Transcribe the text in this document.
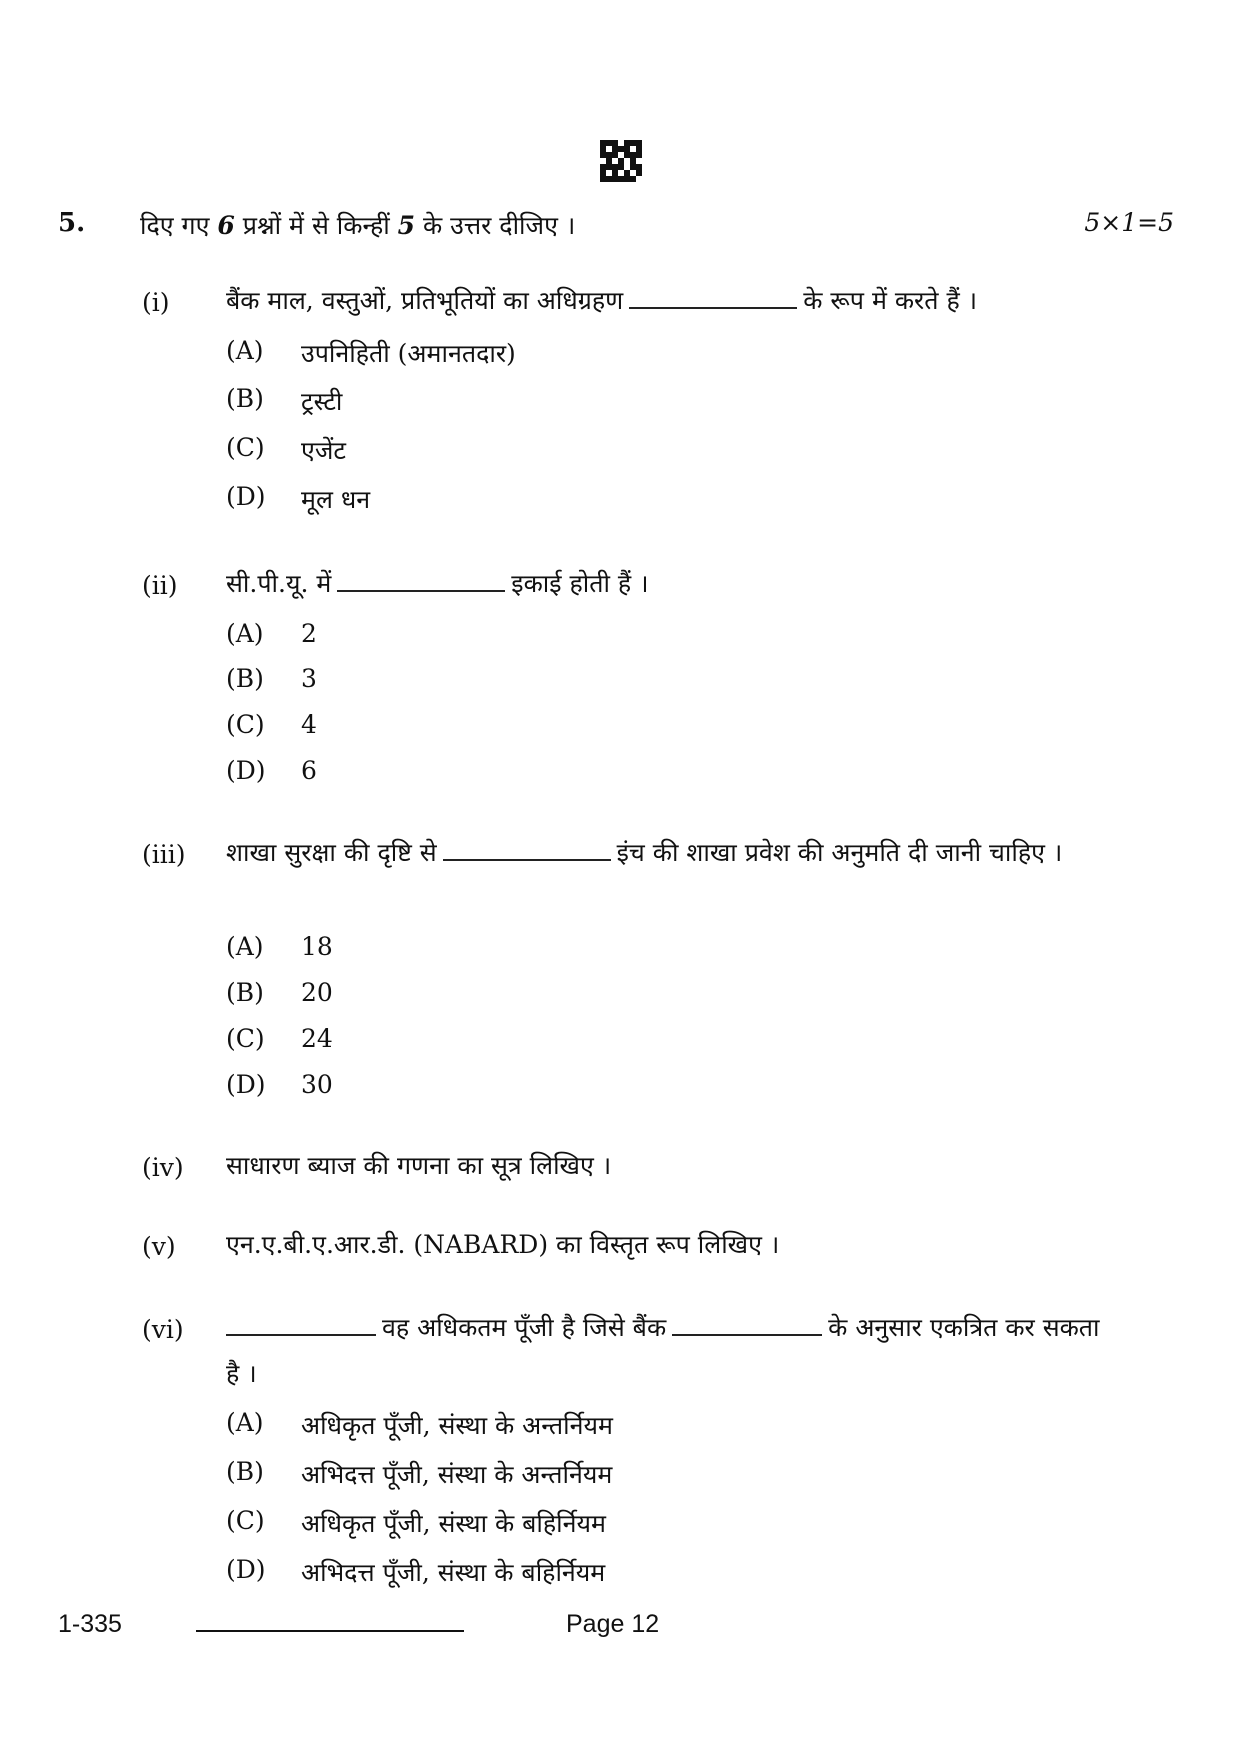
5. दिए गए 6 प्रश्नों में से किन्हीं 5 के उत्तर दीजिए ।	5×1=5
(i) बैंक माल, वस्तुओं, प्रतिभूतियों का अधिग्रहण	के रूप में करते हैं ।
(A) उपनिहिती (अमानतदार)
(B) ट्रस्टी
(C) एजेंट
(D) मूल धन
(ii) सी.पी.यू. में	इकाई होती हैं ।
(A) 2
(B) 3
(C) 4
(D) 6
(iii) शाखा सुरक्षा की दृष्टि से	इंच की शाखा प्रवेश की अनुमति दी जानी चाहिए ।
(A) 18
(B) 20
(C) 24
(D) 30
(iv) साधारण ब्याज की गणना का सूत्र लिखिए ।
(v) एन.ए.बी.ए.आर.डी. (NABARD) का विस्तृत रूप लिखिए ।
(vi)	वह अधिकतम पूँजी है जिसे बैंक	के अनुसार एकत्रित कर सकता है ।
(A) अधिकृत पूँजी, संस्था के अन्तर्नियम
(B) अभिदत्त पूँजी, संस्था के अन्तर्नियम
(C) अधिकृत पूँजी, संस्था के बहिर्नियम
(D) अभिदत्त पूँजी, संस्था के बहिर्नियम
1-335	Page 12
